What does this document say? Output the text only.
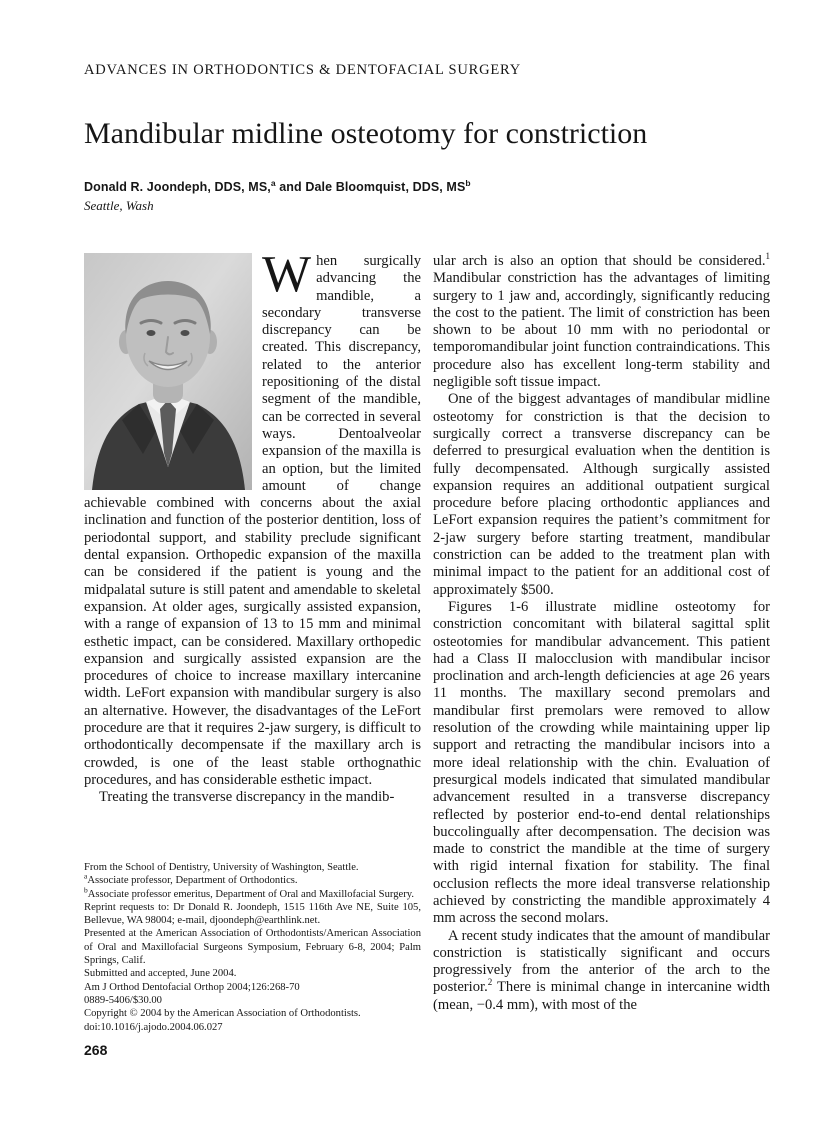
ADVANCES IN ORTHODONTICS & DENTOFACIAL SURGERY
Mandibular midline osteotomy for constriction
Donald R. Joondeph, DDS, MS,$^a$ and Dale Bloomquist, DDS, $MS^b$
Seattle, Wash

When surgically advancing the mandible, a secondary transverse discrepancy can be created. This discrepancy, related to the anterior repositioning of the distal segment of the mandible, can be corrected in several ways. Dentoalveolar expansion of the maxilla is an option, but the limited amount of change achievable combined with concerns about the axial inclination and function of the posterior dentition, loss of periodontal support, and stability preclude significant dental expansion. Orthopedic expansion of the maxilla can be considered if the patient is young and the midpalatal suture is still patent and amendable to skeletal expansion. At older ages, surgically assisted expansion, with a range of expansion of 13 to 15 mm and minimal esthetic impact, can be considered. Maxillary orthopedic expansion and surgically assisted expansion are the procedures of choice to increase maxillary intercanine width. LeFort expansion with mandibular surgery is also an alternative. However, the disadvantages of the LeFort procedure are that it requires 2-jaw surgery, is difficult to orthodontically decompensate if the maxillary arch is crowded, is one of the least stable orthognathic procedures, and has considerable esthetic impact.

Treating the transverse discrepancy in the mandib-

From the School of Dentistry, University of Washington, Seattle.

$^a$Associate professor, Department of Orthodontics.

$^b$Associate professor emeritus, Department of Oral and Maxillofacial Surgery.

Reprint requests to: Dr Donald R. Joondeph, 1515 116th Ave NE, Suite 105, Bellevue, WA 98004; e-mail, djoondeph@earthlink.net.

Presented at the American Association of Orthodontists/American Association of Oral and Maxillofacial Surgeons Symposium, February 6-8, 2004; Palm Springs, Calif.

Submitted and accepted, June 2004.

Am J Orthod Dentofacial Orthop 2004;126:268-70

0889-5406/$30.00

Copyright © 2004 by the American Association of Orthodontists.

doi:10.1016/j.ajodo.2004.06.027

ular arch is also an option that should be considered.$^1$ Mandibular constriction has the advantages of limiting surgery to 1 jaw and, accordingly, significantly reducing the cost to the patient. The limit of constriction has been shown to be about 10 mm with no periodontal or temporomandibular joint function contraindications. This procedure also has excellent long-term stability and negligible soft tissue impact.

One of the biggest advantages of mandibular midline osteotomy for constriction is that the decision to surgically correct a transverse discrepancy can be deferred to presurgical evaluation when the dentition is fully decompensated. Although surgically assisted expansion requires an additional outpatient surgical procedure before placing orthodontic appliances and LeFort expansion requires the patient’s commitment for 2-jaw surgery before starting treatment, mandibular constriction can be added to the treatment plan with minimal impact to the patient for an additional cost of approximately $500.

Figures 1-6 illustrate midline osteotomy for constriction concomitant with bilateral sagittal split osteotomies for mandibular advancement. This patient had a Class II malocclusion with mandibular incisor proclination and arch-length deficiencies at age 26 years 11 months. The maxillary second premolars and mandibular first premolars were removed to allow resolution of the crowding while maintaining upper lip support and retracting the mandibular incisors into a more ideal relationship with the chin. Evaluation of presurgical models indicated that simulated mandibular advancement resulted in a transverse discrepancy reflected by posterior end-to-end dental relationships buccolingually after decompensation. The decision was made to constrict the mandible at the time of surgery with rigid internal fixation for stability. The final occlusion reflects the more ideal transverse relationship achieved by constricting the mandible approximately 4 mm across the second molars.

A recent study indicates that the amount of mandibular constriction is statistically significant and occurs progressively from the anterior of the arch to the posterior.$^2$ There is minimal change in intercanine width (mean, −0.4 mm), with most of the

268
